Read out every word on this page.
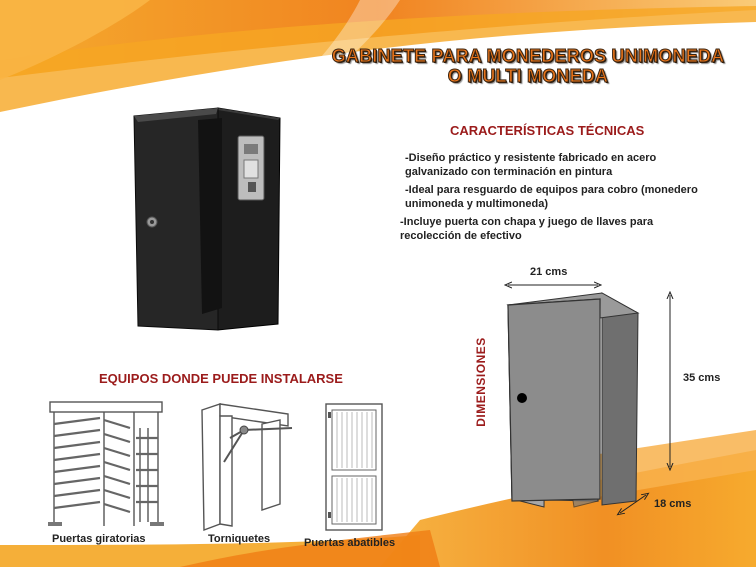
GABINETE PARA MONEDEROS UNIMONEDA
O MULTI MONEDA
CARACTERÍSTICAS TÉCNICAS
-Diseño práctico y resistente fabricado en acero galvanizado con terminación en pintura
-Ideal para resguardo de equipos para cobro (monedero unimoneda y multimoneda)
-Incluye puerta con chapa y juego de llaves para recolección de efectivo
21 cms
35 cms
18 cms
DIMENSIONES
EQUIPOS DONDE PUEDE INSTALARSE
Puertas giratorias	Torniquetes	Puertas abatibles
